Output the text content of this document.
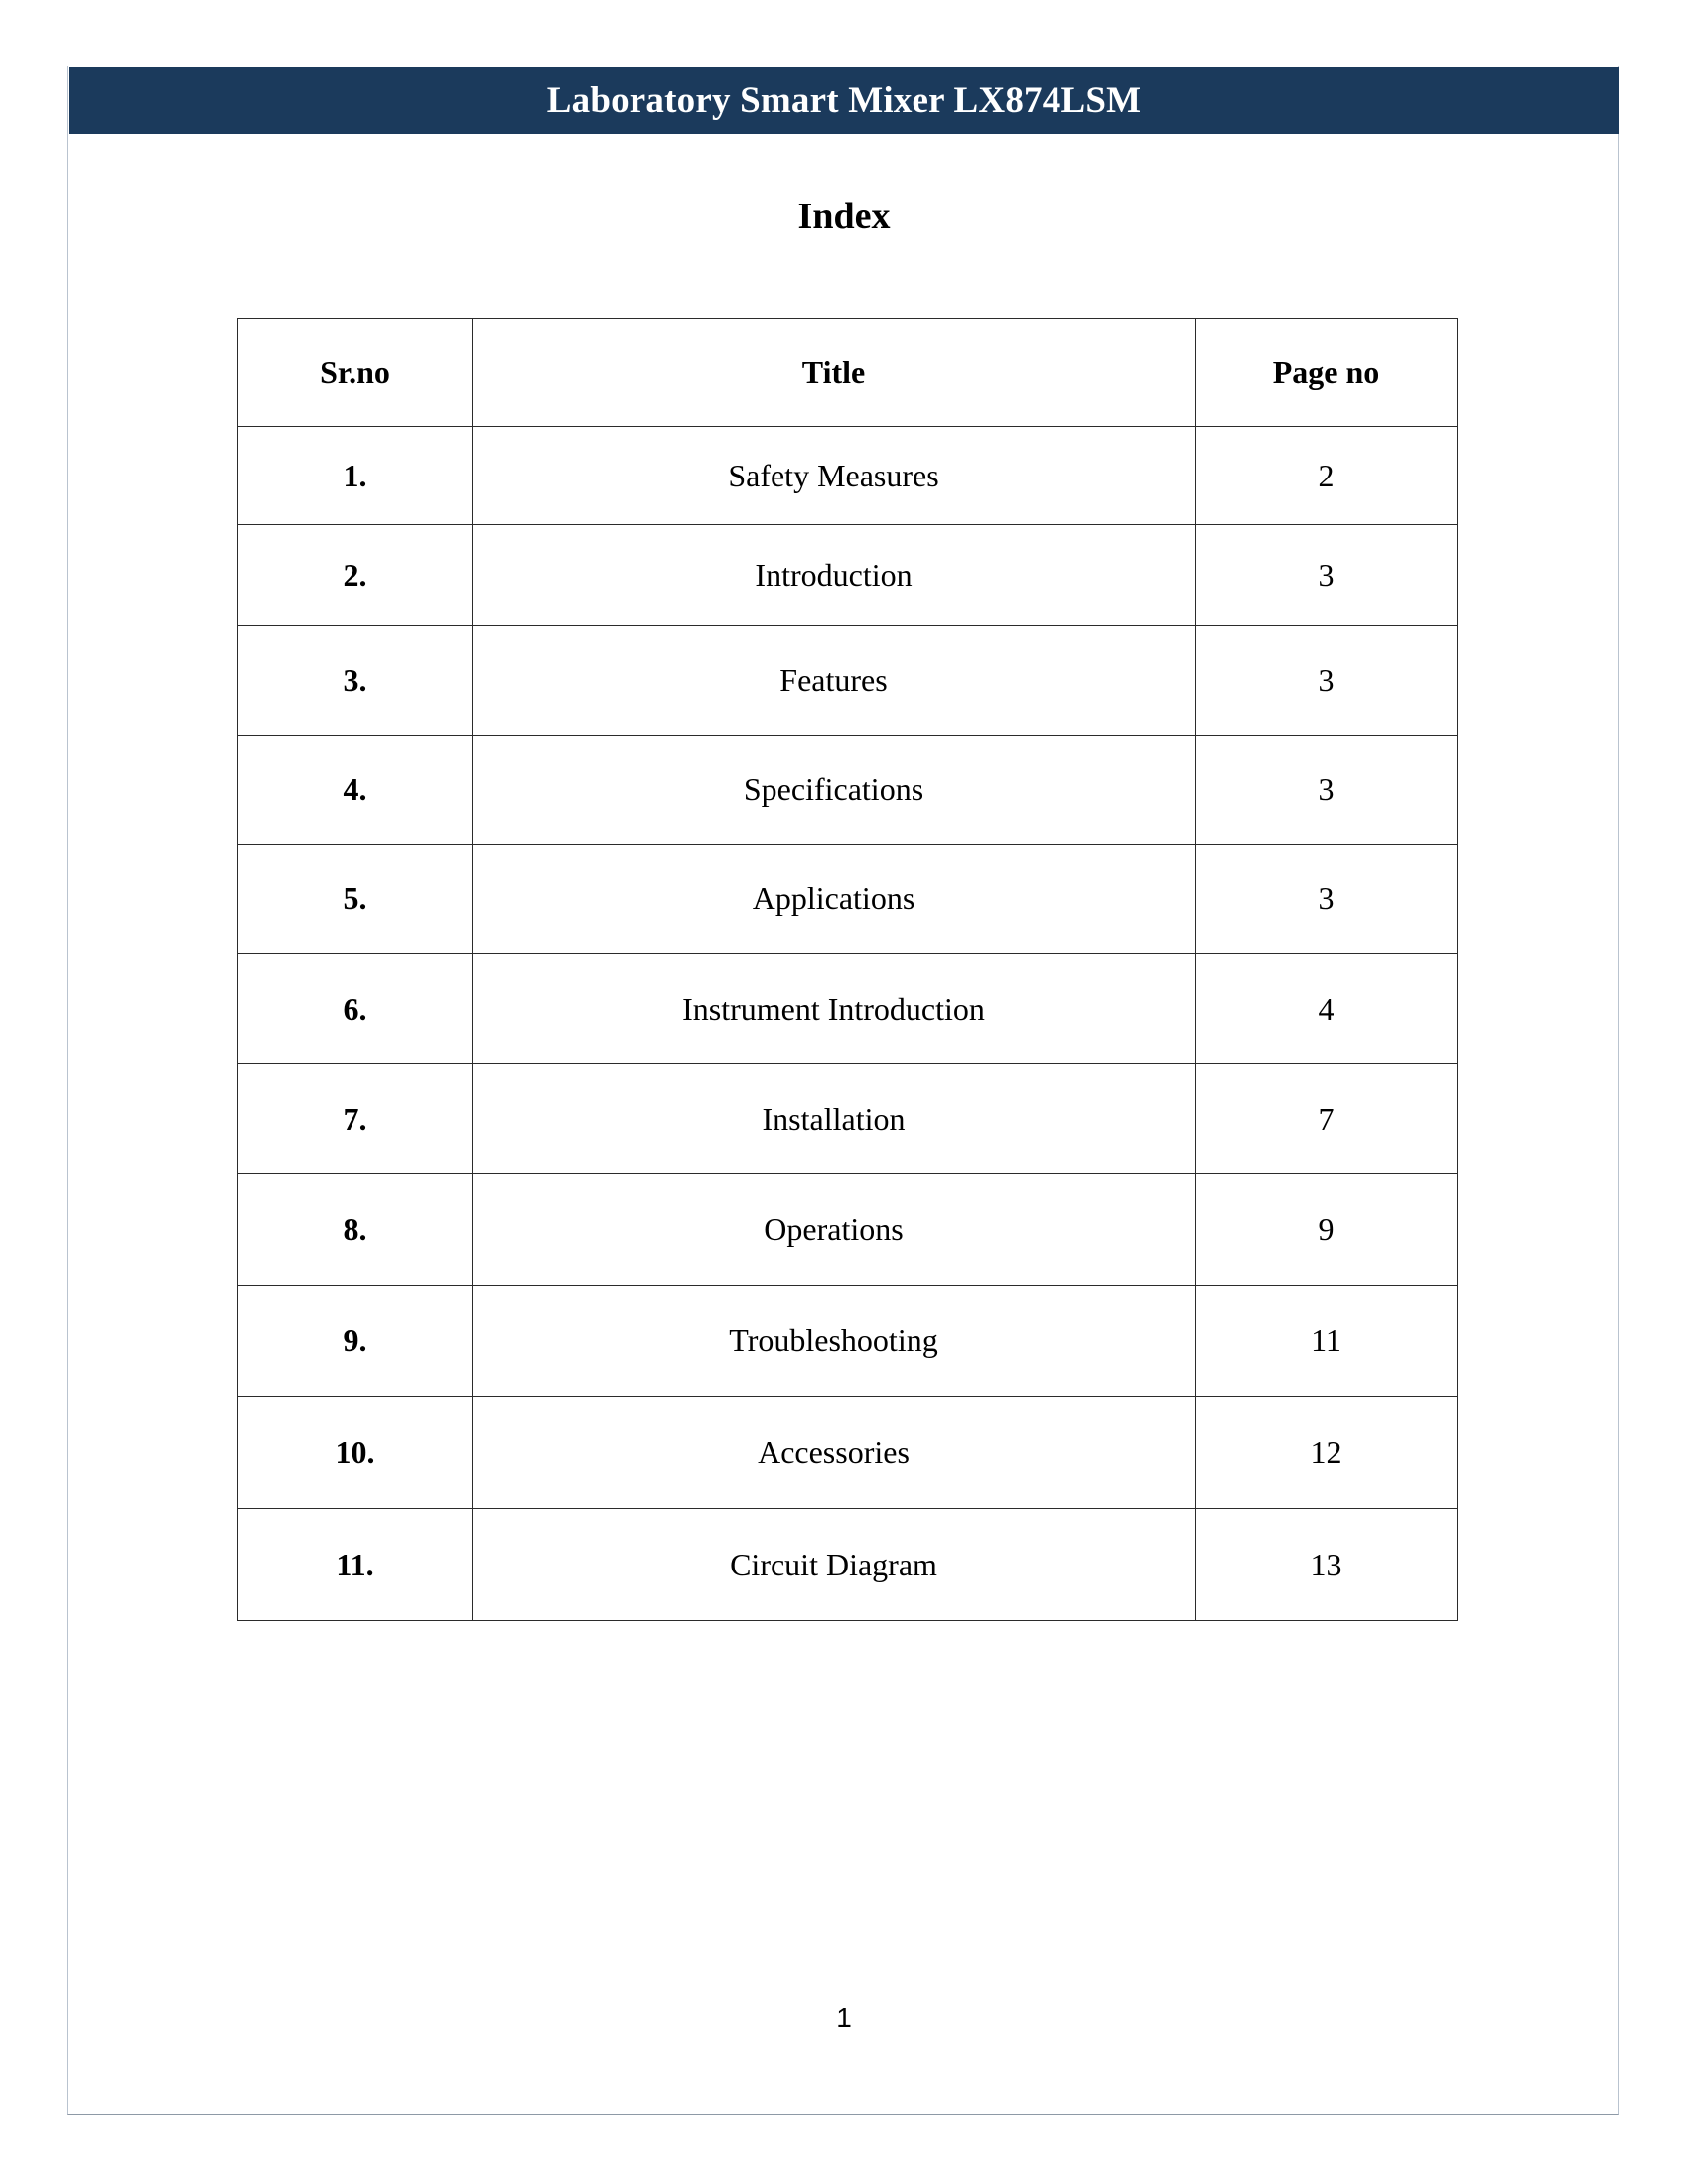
Laboratory Smart Mixer LX874LSM
Index
Sr.no	Title	Page no
1.	Safety Measures	2
2.	Introduction	3
3.	Features	3
4.	Specifications	3
5.	Applications	3
6.	Instrument Introduction	4
7.	Installation	7
8.	Operations	9
9.	Troubleshooting	11
10.	Accessories	12
11.	Circuit Diagram	13
1
